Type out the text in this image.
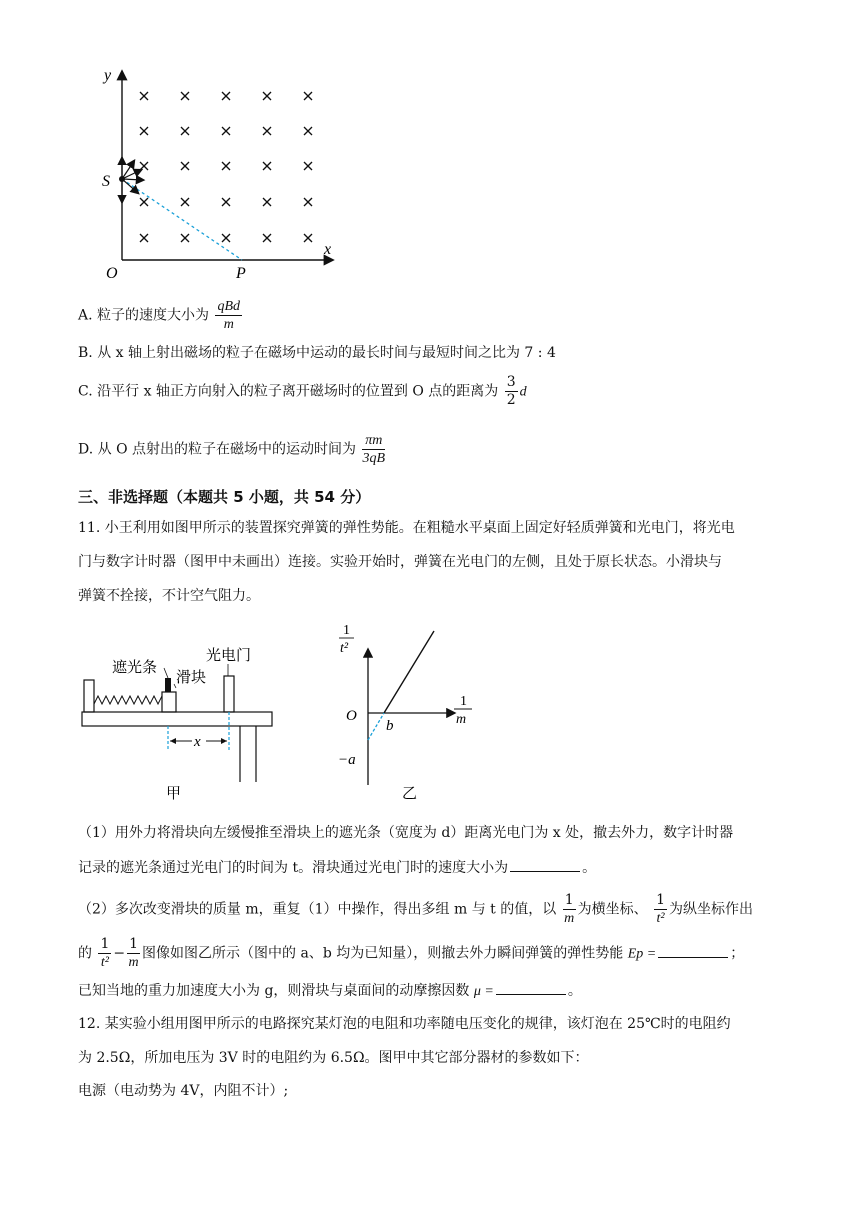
y
x
O
S
P
A. 粒子的速度大小为 $\frac{\text{qBd}}{m}$
B. 从 x 轴上射出磁场的粒子在磁场中运动的最长时间与最短时间之比为 7 : 4
C. 沿平行 x 轴正方向射入的粒子离开磁场时的位置到 O 点的距离为 $\frac{3}{2}$ d
D. 从 O 点射出的粒子在磁场中的运动时间为 $\frac{\pi m}{3qB}$
三、非选择题（本题共 5 小题，共 54 分）
11. 小王利用如图甲所示的装置探究弹簧的弹性势能。在粗糙水平桌面上固定好轻质弹簧和光电门，将光电
门与数字计时器（图甲中未画出）连接。实验开始时，弹簧在光电门的左侧，且处于原长状态。小滑块与
弹簧不拴接，不计空气阻力。
x
遮光条
滑块
光电门
甲
1
t²
1
m
O
b
−a
乙
（1）用外力将滑块向左缓慢推至滑块上的遮光条（宽度为 d）距离光电门为 x 处，撤去外力，数字计时器
记录的遮光条通过光电门的时间为 t。滑块通过光电门时的速度大小为	。
（2）多次改变滑块的质量 m，重复（1）中操作，得出多组 m 与 t 的值，以 $\frac{1}{m}$ 为横坐标、 $\frac{1}{\text{t²}}$ 为纵坐标作出
的 $\frac{1}{\text{t²}} - \frac{1}{m}$ 图像如图乙所示（图中的 a、b 均为已知量），则撤去外力瞬间弹簧的弹性势能 Ep =	；
已知当地的重力加速度大小为 g，则滑块与桌面间的动摩擦因数 μ =	。
12. 某实验小组用图甲所示的电路探究某灯泡的电阻和功率随电压变化的规律，该灯泡在 25℃时的电阻约
为 2.5Ω，所加电压为 3V 时的电阻约为 6.5Ω。图甲中其它部分器材的参数如下：
电源（电动势为 4V，内阻不计）;
